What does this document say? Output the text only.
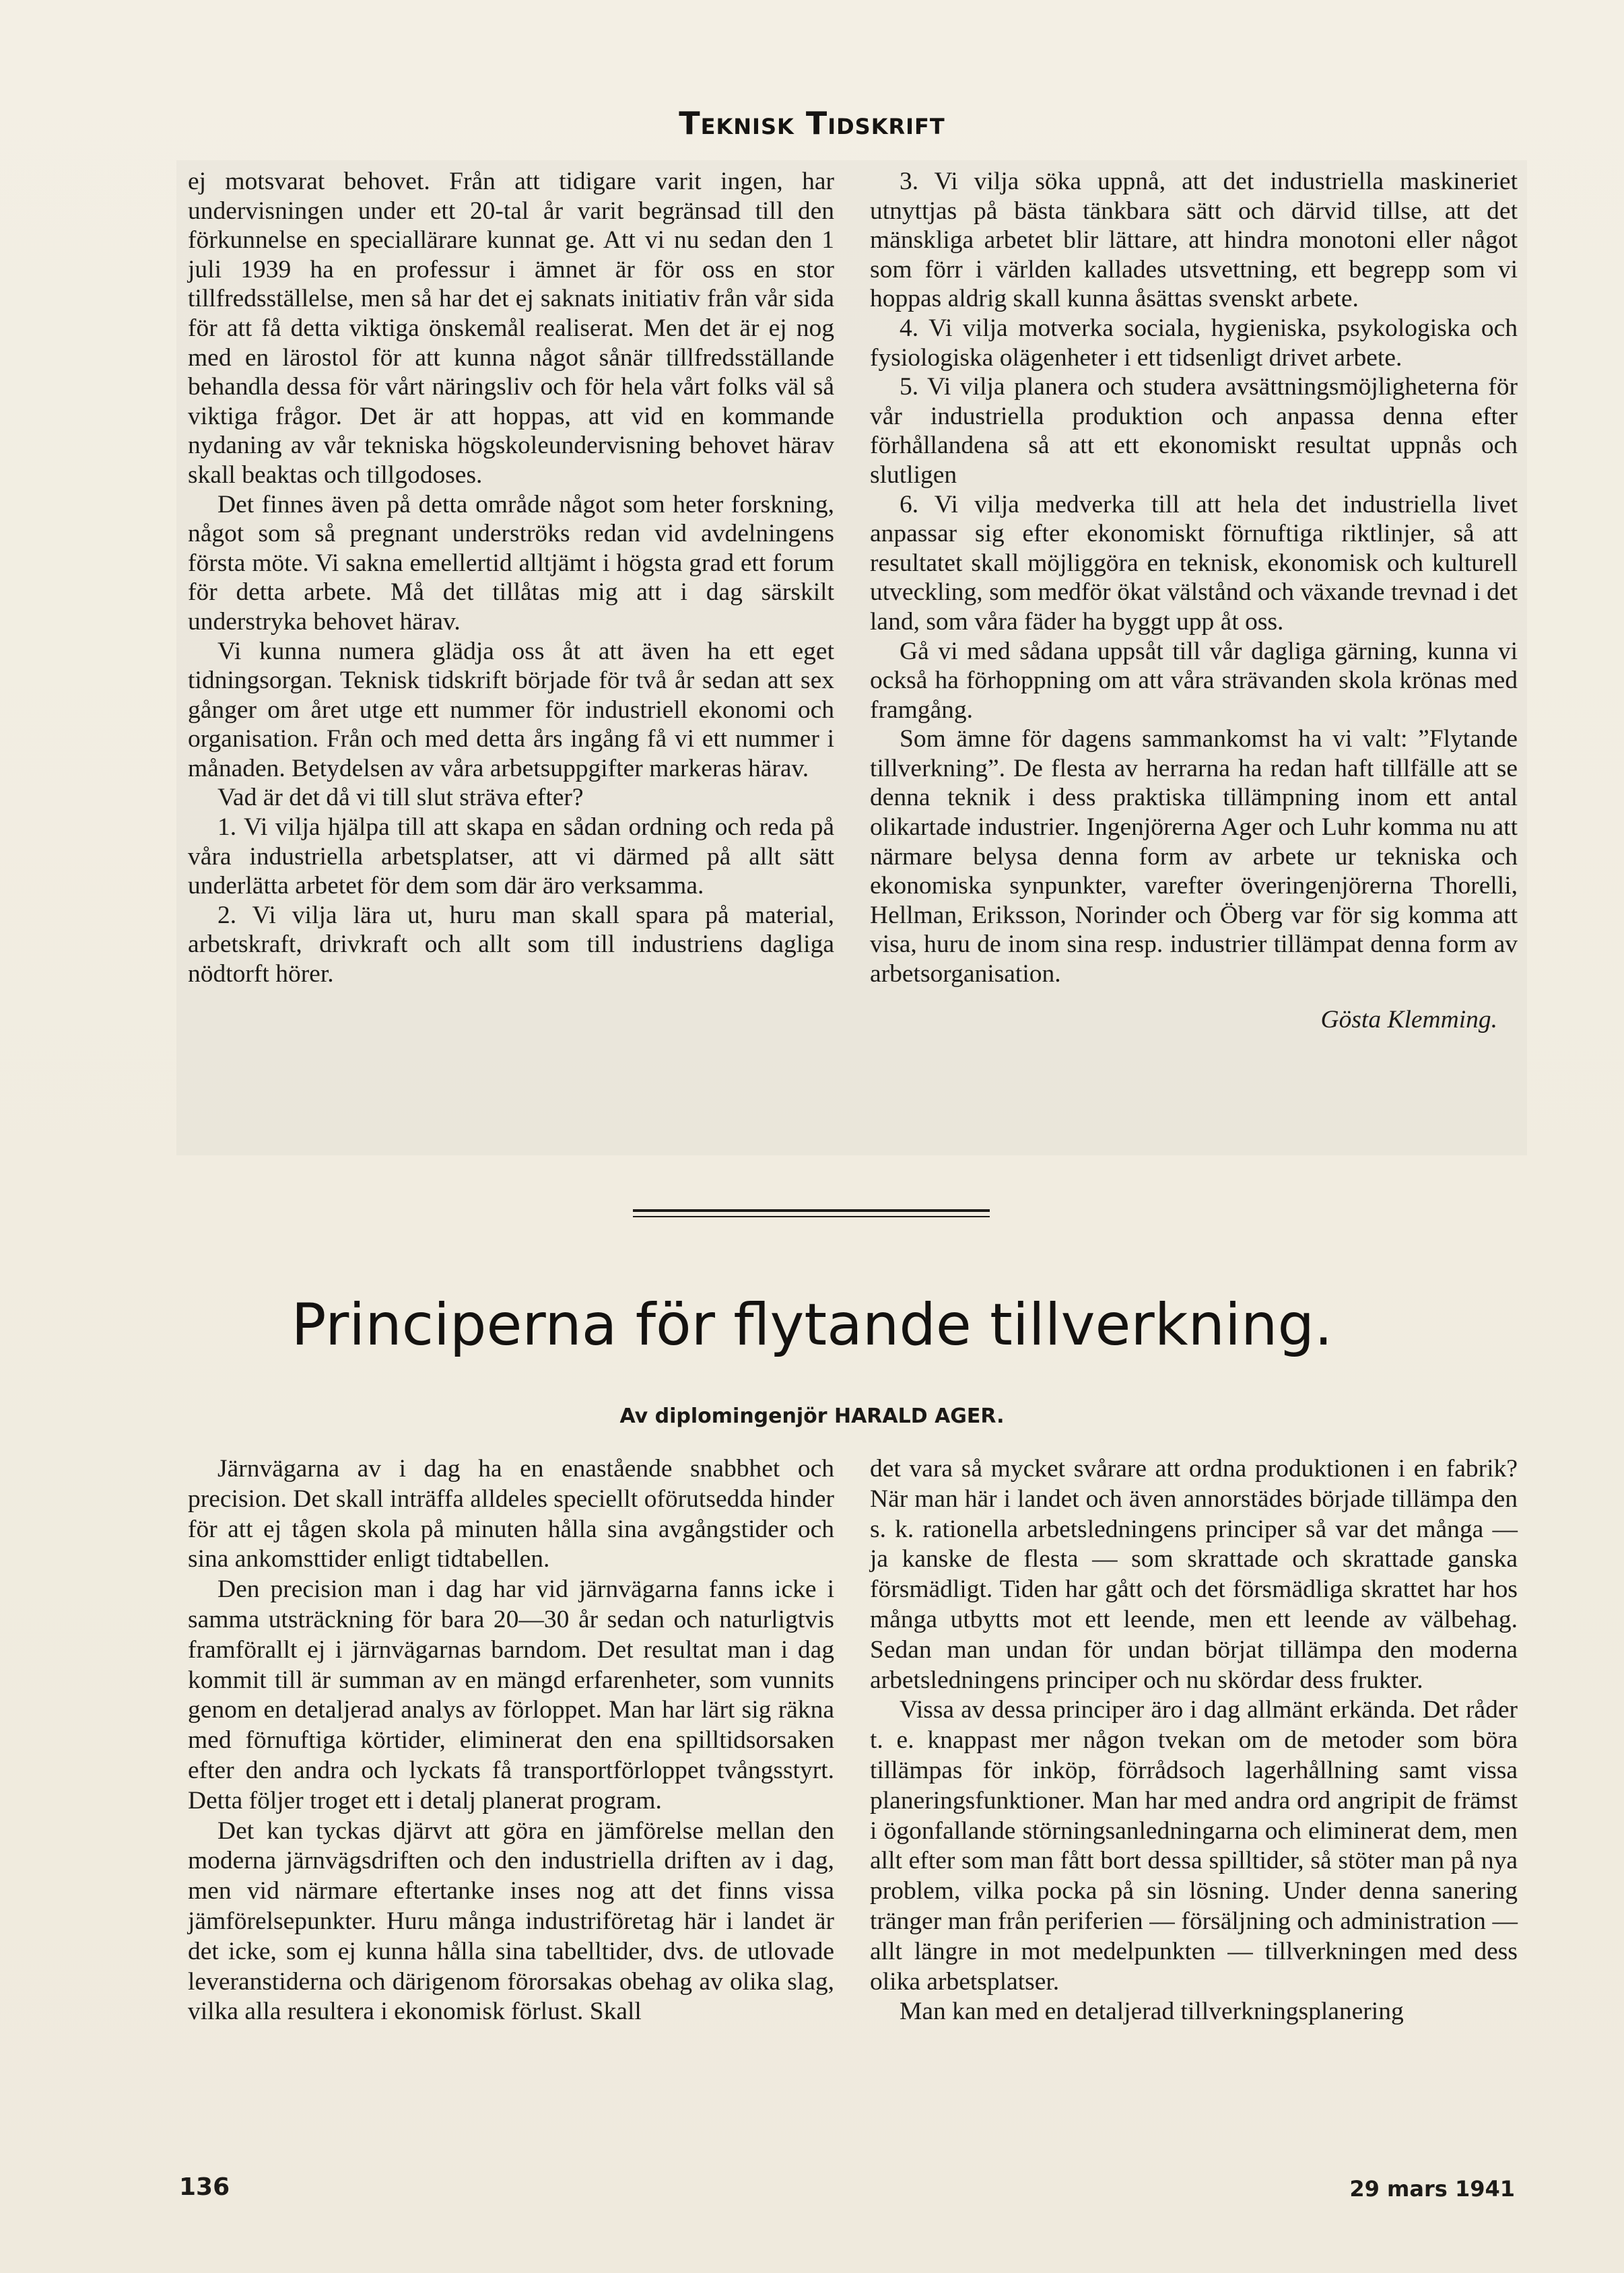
Teknisk Tidskrift

ej motsvarat behovet. Från att tidigare varit ingen, har undervisningen under ett 20-tal år varit begränsad till den förkunnelse en speciallärare kunnat ge. Att vi nu sedan den 1 juli 1939 ha en professur i ämnet är för oss en stor tillfredsställelse, men så har det ej saknats initiativ från vår sida för att få detta viktiga önskemål realiserat. Men det är ej nog med en lärostol för att kunna något sånär tillfredsställande behandla dessa för vårt näringsliv och för hela vårt folks väl så viktiga frågor. Det är att hoppas, att vid en kommande nydaning av vår tekniska högskoleundervisning behovet härav skall beaktas och tillgodoses.

Det finnes även på detta område något som heter forskning, något som så pregnant underströks redan vid avdelningens första möte. Vi sakna emellertid alltjämt i högsta grad ett forum för detta arbete. Må det tillåtas mig att i dag särskilt understryka behovet härav.

Vi kunna numera glädja oss åt att även ha ett eget tidningsorgan. Teknisk tidskrift började för två år sedan att sex gånger om året utge ett nummer för industriell ekonomi och organisation. Från och med detta års ingång få vi ett nummer i månaden. Betydelsen av våra arbetsuppgifter markeras härav.

Vad är det då vi till slut sträva efter?

1. Vi vilja hjälpa till att skapa en sådan ordning och reda på våra industriella arbetsplatser, att vi därmed på allt sätt underlätta arbetet för dem som där äro verksamma.

2. Vi vilja lära ut, huru man skall spara på material, arbetskraft, drivkraft och allt som till industriens dagliga nödtorft hörer.

3. Vi vilja söka uppnå, att det industriella maskineriet utnyttjas på bästa tänkbara sätt och därvid tillse, att det mänskliga arbetet blir lättare, att hindra monotoni eller något som förr i världen kallades utsvettning, ett begrepp som vi hoppas aldrig skall kunna åsättas svenskt arbete.

4. Vi vilja motverka sociala, hygieniska, psykologiska och fysiologiska olägenheter i ett tidsenligt drivet arbete.

5. Vi vilja planera och studera avsättningsmöjligheterna för vår industriella produktion och anpassa denna efter förhållandena så att ett ekonomiskt resultat uppnås och slutligen

6. Vi vilja medverka till att hela det industriella livet anpassar sig efter ekonomiskt förnuftiga riktlinjer, så att resultatet skall möjliggöra en teknisk, ekonomisk och kulturell utveckling, som medför ökat välstånd och växande trevnad i det land, som våra fäder ha byggt upp åt oss.

Gå vi med sådana uppsåt till vår dagliga gärning, kunna vi också ha förhoppning om att våra strävanden skola krönas med framgång.

Som ämne för dagens sammankomst ha vi valt: ”Flytande tillverkning”. De flesta av herrarna ha redan haft tillfälle att se denna teknik i dess praktiska tillämpning inom ett antal olikartade industrier. Ingenjörerna Ager och Luhr komma nu att närmare belysa denna form av arbete ur tekniska och ekonomiska synpunkter, varefter överingenjörerna Thorelli, Hellman, Eriksson, Norinder och Öberg var för sig komma att visa, huru de inom sina resp. industrier tillämpat denna form av arbetsorganisation.

Gösta Klemming.

Principerna för flytande tillverkning.
Av diplomingenjör HARALD AGER.

Järnvägarna av i dag ha en enastående snabbhet och precision. Det skall inträffa alldeles speciellt oförutsedda hinder för att ej tågen skola på minuten hålla sina avgångstider och sina ankomsttider enligt tidtabellen.

Den precision man i dag har vid järnvägarna fanns icke i samma utsträckning för bara 20—30 år sedan och naturligtvis framförallt ej i järnvägarnas barndom. Det resultat man i dag kommit till är summan av en mängd erfarenheter, som vunnits genom en detaljerad analys av förloppet. Man har lärt sig räkna med förnuftiga körtider, eliminerat den ena spilltidsorsaken efter den andra och lyckats få transportförloppet tvångsstyrt. Detta följer troget ett i detalj planerat program.

Det kan tyckas djärvt att göra en jämförelse mellan den moderna järnvägsdriften och den industriella driften av i dag, men vid närmare eftertanke inses nog att det finns vissa jämförelsepunkter. Huru många industriföretag här i landet är det icke, som ej kunna hålla sina tabelltider, dvs. de utlovade leveranstiderna och därigenom förorsakas obehag av olika slag, vilka alla resultera i ekonomisk förlust. Skall

det vara så mycket svårare att ordna produktionen i en fabrik? När man här i landet och även annorstädes började tillämpa den s. k. rationella arbetsledningens principer så var det många — ja kanske de flesta — som skrattade och skrattade ganska försmädligt. Tiden har gått och det försmädliga skrattet har hos många utbytts mot ett leende, men ett leende av välbehag. Sedan man undan för undan börjat tillämpa den moderna arbetsledningens principer och nu skördar dess frukter.

Vissa av dessa principer äro i dag allmänt erkända. Det råder t. e. knappast mer någon tvekan om de metoder som böra tillämpas för inköp, förrådsoch lagerhållning samt vissa planeringsfunktioner. Man har med andra ord angripit de främst i ögonfallande störningsanledningarna och eliminerat dem, men allt efter som man fått bort dessa spilltider, så stöter man på nya problem, vilka pocka på sin lösning. Under denna sanering tränger man från periferien — försäljning och administration — allt längre in mot medelpunkten — tillverkningen med dess olika arbetsplatser.

Man kan med en detaljerad tillverkningsplanering

136	29 mars 1941
